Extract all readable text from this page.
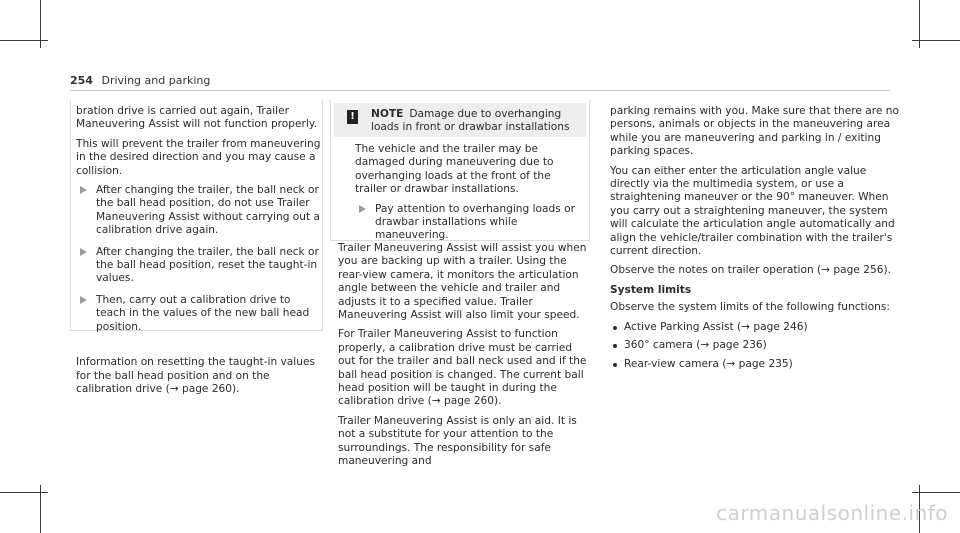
254 Driving and parking

bration drive is carried out again, Trailer Maneuvering Assist will not function properly.

This will prevent the trailer from maneuvering in the desired direction and you may cause a collision.

After changing the trailer, the ball neck or the ball head position, do not use Trailer Maneuvering Assist without carrying out a calibration drive again.
After changing the trailer, the ball neck or the ball head position, reset the taught-in values.
Then, carry out a calibration drive to teach in the values of the new ball head position.

Information on resetting the taught-in values for the ball head position and on the calibration drive (→ page 260).

!	NOTE Damage due to overhanging loads in front or drawbar installations

The vehicle and the trailer may be damaged during maneuvering due to overhanging loads at the front of the trailer or drawbar installations.

Pay attention to overhanging loads or drawbar installations while maneuvering.

Trailer Maneuvering Assist will assist you when you are backing up with a trailer. Using the rear-view camera, it monitors the articulation angle between the vehicle and trailer and adjusts it to a specified value. Trailer Maneuvering Assist will also limit your speed.

For Trailer Maneuvering Assist to function properly, a calibration drive must be carried out for the trailer and ball neck used and if the ball head position is changed. The current ball head position will be taught in during the calibration drive (→ page 260).

Trailer Maneuvering Assist is only an aid. It is not a substitute for your attention to the surroundings. The responsibility for safe maneuvering and

parking remains with you. Make sure that there are no persons, animals or objects in the maneuvering area while you are maneuvering and parking in / exiting parking spaces.

You can either enter the articulation angle value directly via the multimedia system, or use a straightening maneuver or the 90° maneuver. When you carry out a straightening maneuver, the system will calculate the articulation angle automatically and align the vehicle/trailer combination with the trailer's current direction.

Observe the notes on trailer operation (→ page 256).

System limits

Observe the system limits of the following functions:

Active Parking Assist (→ page 246)
360° camera (→ page 236)
Rear-view camera (→ page 235)
carmanualsonline.info
